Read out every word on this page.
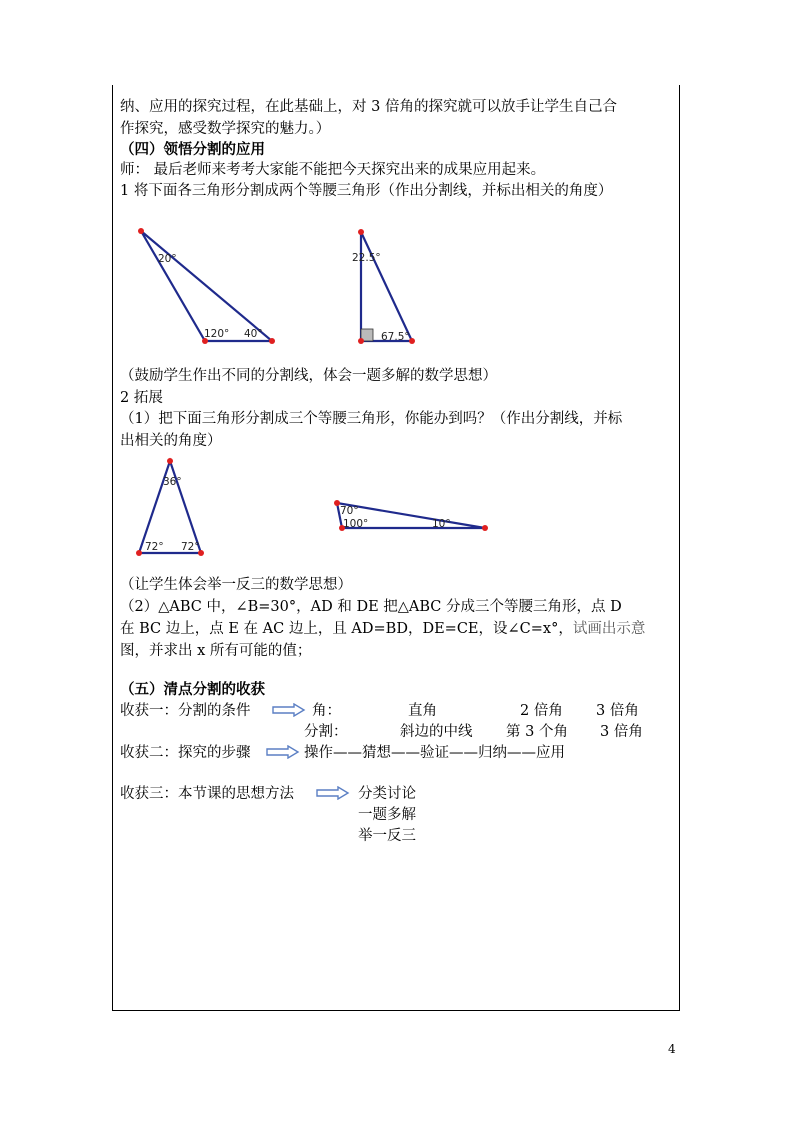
纳、应用的探究过程，在此基础上，对 3 倍角的探究就可以放手让学生自己合
作探究，感受数学探究的魅力。）
（四）领悟分割的应用
师： 最后老师来考考大家能不能把今天探究出来的成果应用起来。
1 将下面各三角形分割成两个等腰三角形（作出分割线，并标出相关的角度）
20°
120° 40°
22.5°
67.5°
（鼓励学生作出不同的分割线，体会一题多解的数学思想）
2 拓展
（1）把下面三角形分割成三个等腰三角形，你能办到吗？（作出分割线，并标
出相关的角度）
36°
72° 72°
70°
100°	10°
（让学生体会举一反三的数学思想）
（2）△ABC 中，∠B=30°，AD 和 DE 把△ABC 分成三个等腰三角形，点 D
在 BC 边上，点 E 在 AC 边上，且 AD=BD，DE=CE，设∠C=x°，试画出示意
图，并求出 x 所有可能的值；
（五）清点分割的收获
收获一：分割的条件	角：	直角	2 倍角 3 倍角
分割：	斜边的中线 第 3 个角 3 倍角
收获二：探究的步骤	操作——猜想——验证——归纳——应用
收获三：本节课的思想方法	分类讨论
一题多解
举一反三
4
